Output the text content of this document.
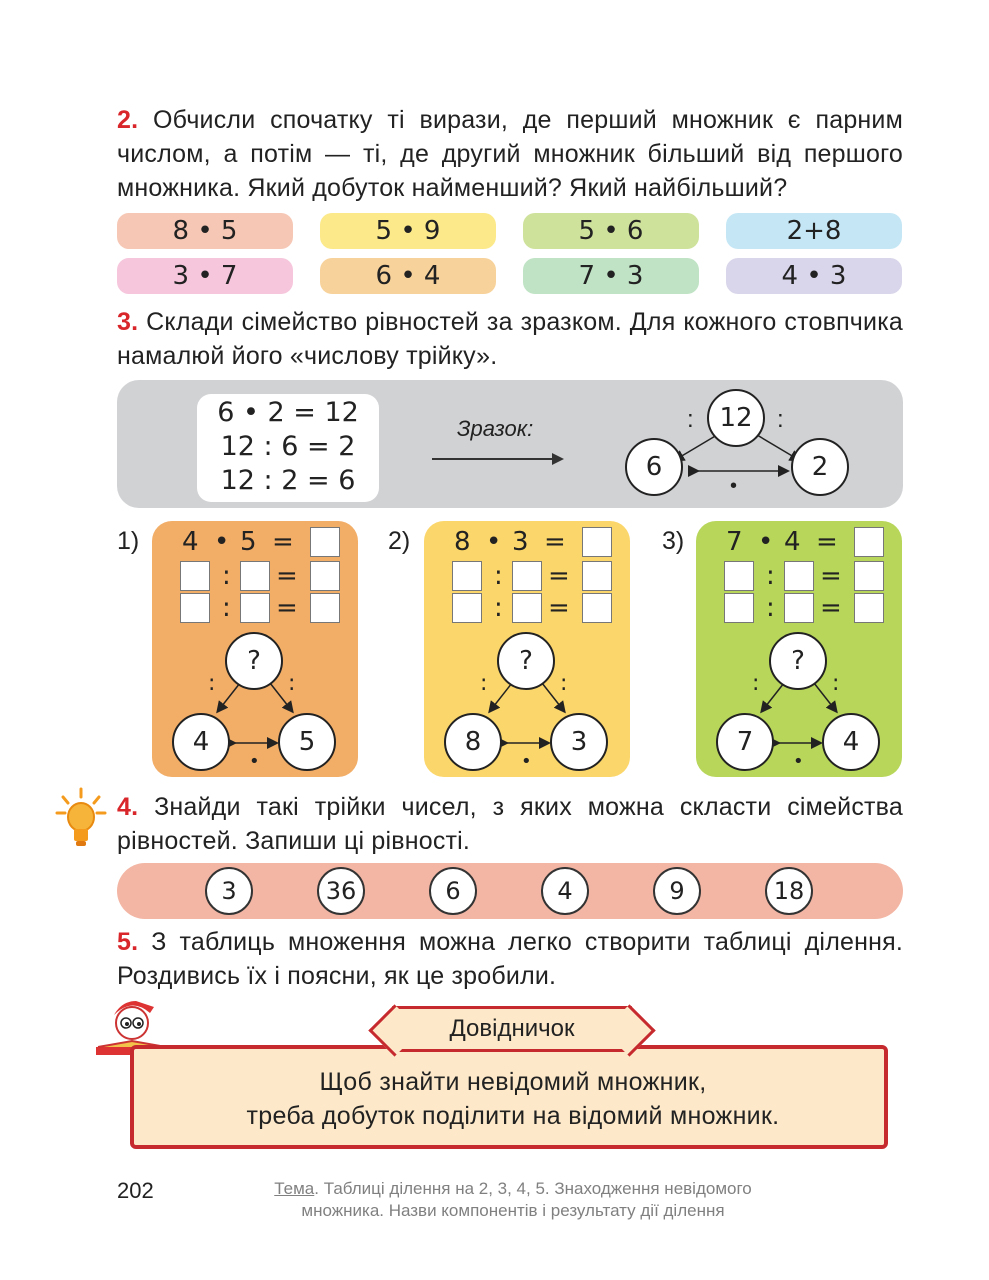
2. Обчисли спочатку ті вирази, де перший множник є парним числом, а потім — ті, де другий множник більший від першого множника. Який добуток найменший? Який найбільший?
8 • 5	5 • 9	5 • 6	2+8
3 • 7	6 • 4	7 • 3	4 • 3
3. Склади сімейство рівностей за зразком. Для кожного стовпчика намалюй його «числову трійку».
6 • 2 = 12
12 : 6 = 2
12 : 2 = 6
Зразок:	12
6	2
:	:
•
1) 4 • 5 =
: =
: =
?
4	5
:	:
•
2) 8 • 3 =
: =
: =
?
8	3
:	:
•
3) 7 • 4 =
: =
: =
?
7	4
:	:
•
4. Знайди такі трійки чисел, з яких можна скласти сімейства рівностей. Запиши ці рівності.
3	36	6	4	9	18
5. З таблиць множення можна легко створити таблиці ділення. Роздивись їх і поясни, як це зробили.
Щоб знайти невідомий множник,
треба добуток поділити на відомий множник.
Довідничок
202	Тема. Таблиці ділення на 2, 3, 4, 5. Знаходження невідомого
множника. Назви компонентів і результату дії ділення
